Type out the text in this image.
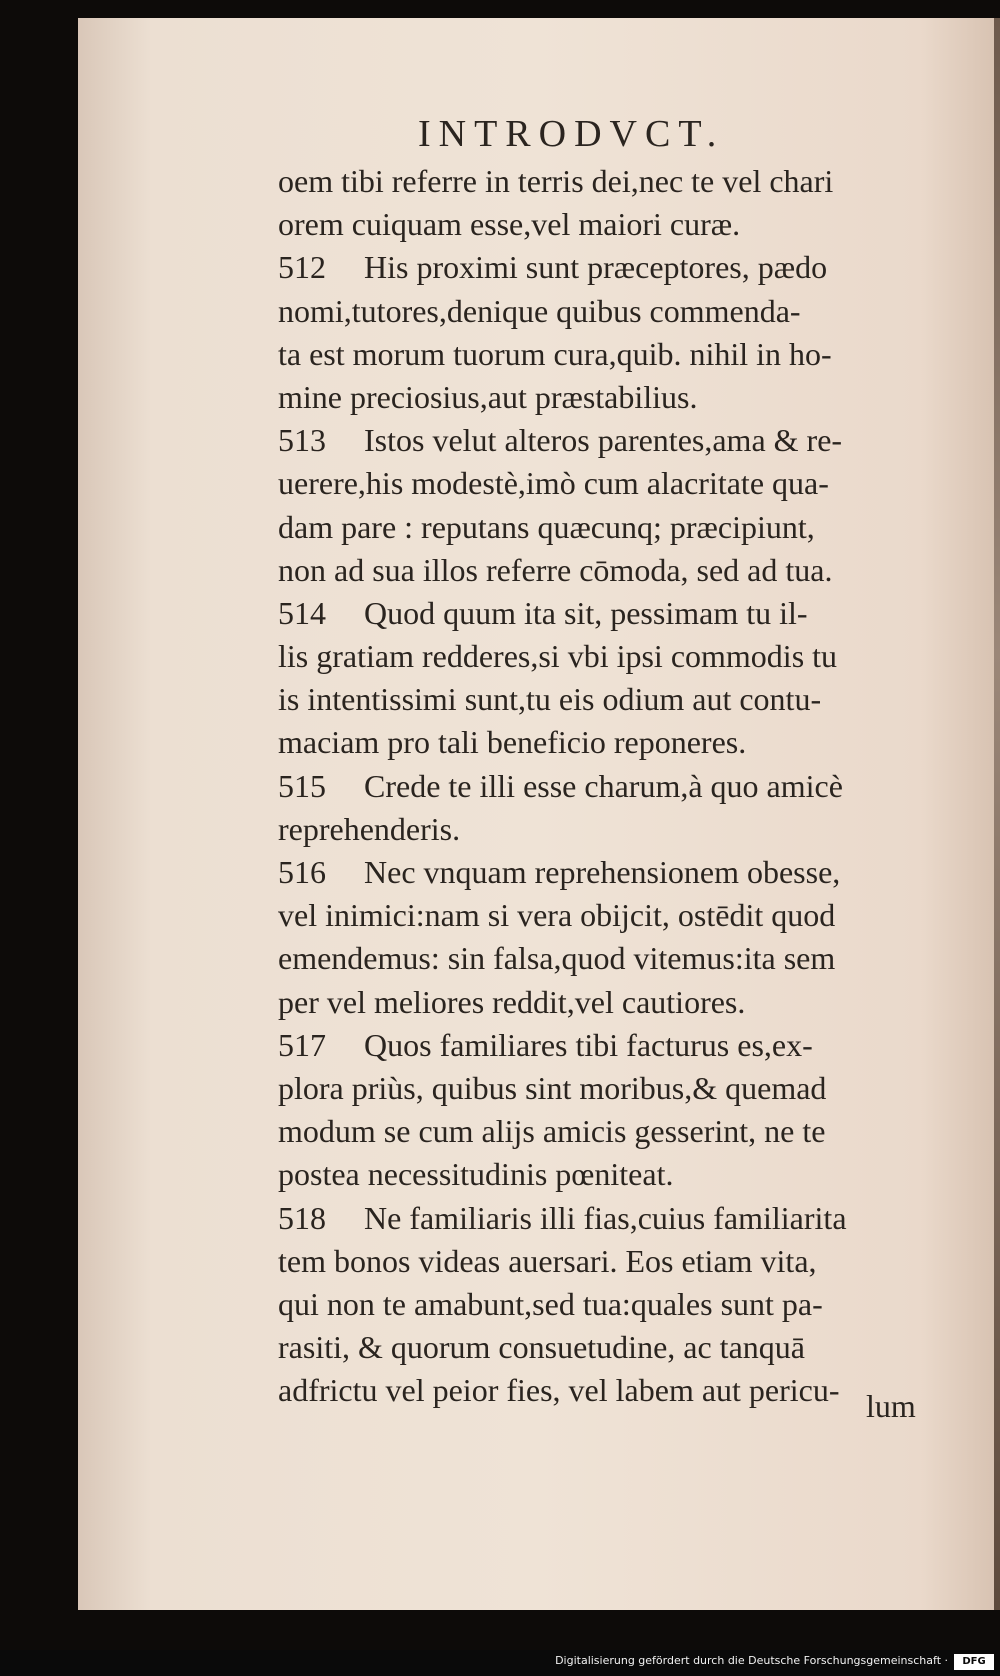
INTRODVCT.
oem tibi referre in terris dei,nec te vel chari
orem cuiquam esse,vel maiori curæ.
512 His proximi sunt præceptores, pædo
nomi,tutores,denique quibus commenda-
ta est morum tuorum cura,quib. nihil in ho-
mine preciosius,aut præstabilius.
513 Istos velut alteros parentes,ama & re-
uerere,his modestè,imò cum alacritate qua-
dam pare : reputans quæcunq; præcipiunt,
non ad sua illos referre cōmoda, sed ad tua.
514 Quod quum ita sit, pessimam tu il-
lis gratiam redderes,si vbi ipsi commodis tu
is intentissimi sunt,tu eis odium aut contu-
maciam pro tali beneficio reponeres.
515 Crede te illi esse charum,à quo amicè
reprehenderis.
516 Nec vnquam reprehensionem obesse,
vel inimici:nam si vera obijcit, ostēdit quod
emendemus: sin falsa,quod vitemus:ita sem
per vel meliores reddit,vel cautiores.
517 Quos familiares tibi facturus es,ex-
plora priùs, quibus sint moribus,& quemad
modum se cum alijs amicis gesserint, ne te
postea necessitudinis pœniteat.
518 Ne familiaris illi fias,cuius familiarita
tem bonos videas auersari. Eos etiam vita,
qui non te amabunt,sed tua:quales sunt pa-
rasiti, & quorum consuetudine, ac tanquā
adfrictu vel peior fies, vel labem aut pericu- lum
Digitalisierung gefördert durch die Deutsche Forschungsgemeinschaft ·	DFG
